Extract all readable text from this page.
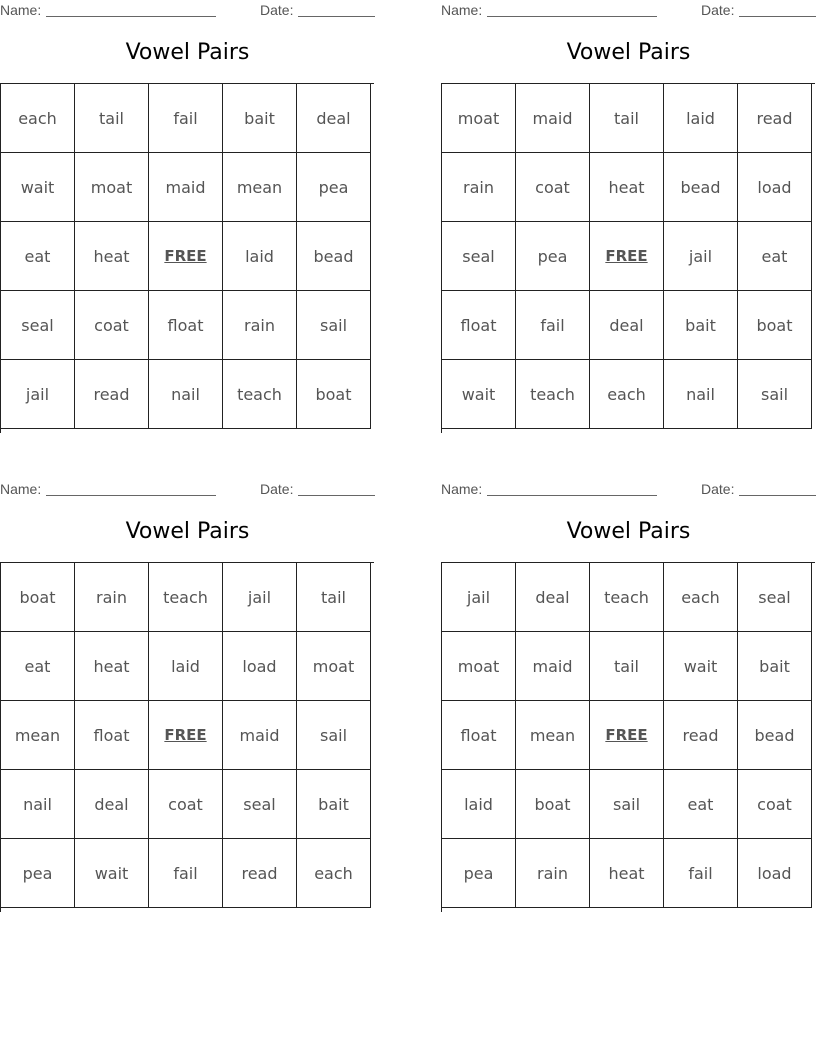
Name:	Date:
Vowel Pairs
each	tail	fail	bait	deal
wait	moat	maid	mean	pea
eat	heat	FREE	laid	bead
seal	coat	float	rain	sail
jail	read	nail	teach	boat
Name:	Date:
Vowel Pairs
moat	maid	tail	laid	read
rain	coat	heat	bead	load
seal	pea	FREE	jail	eat
float	fail	deal	bait	boat
wait	teach	each	nail	sail
Name:	Date:
Vowel Pairs
boat	rain	teach	jail	tail
eat	heat	laid	load	moat
mean	float	FREE	maid	sail
nail	deal	coat	seal	bait
pea	wait	fail	read	each
Name:	Date:
Vowel Pairs
jail	deal	teach	each	seal
moat	maid	tail	wait	bait
float	mean	FREE	read	bead
laid	boat	sail	eat	coat
pea	rain	heat	fail	load
